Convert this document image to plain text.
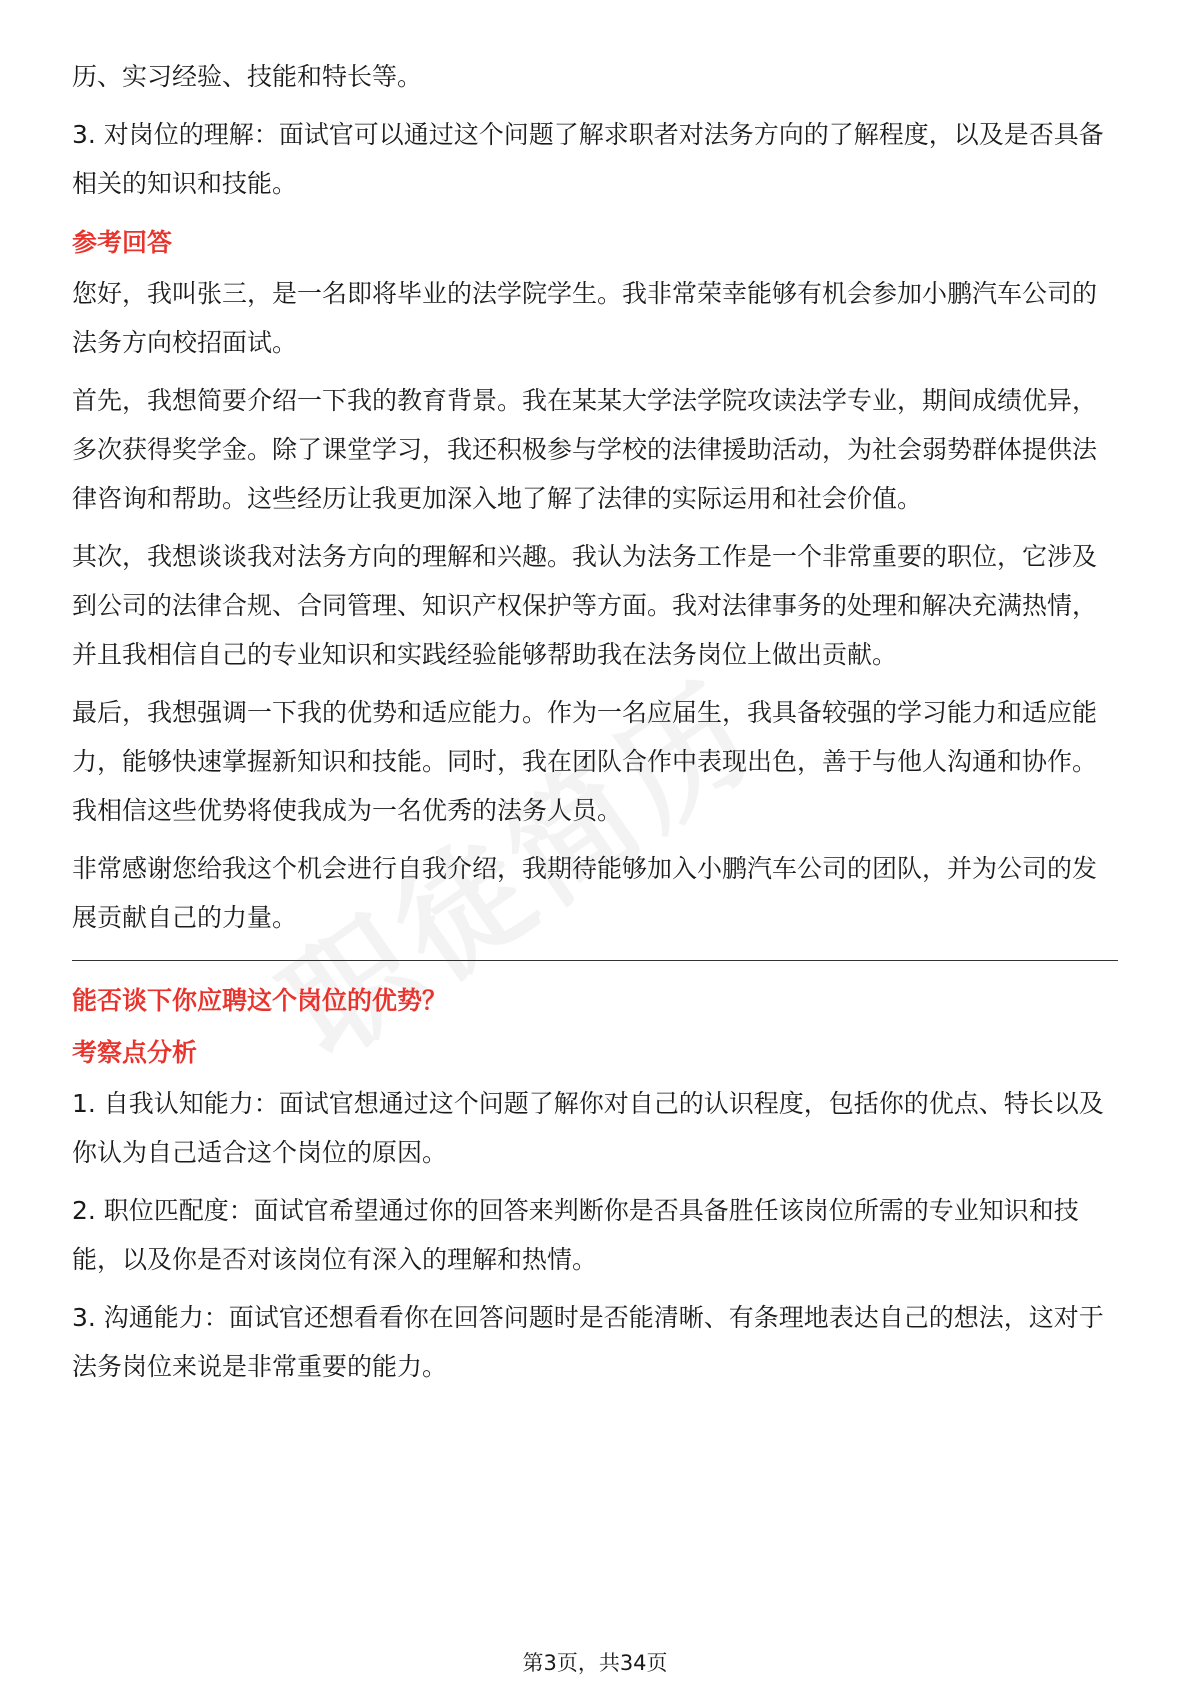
历、实习经验、技能和特长等。

3. 对岗位的理解：面试官可以通过这个问题了解求职者对法务方向的了解程度，以及是否具备相关的知识和技能。

参考回答

您好，我叫张三，是一名即将毕业的法学院学生。我非常荣幸能够有机会参加小鹏汽车公司的法务方向校招面试。

首先，我想简要介绍一下我的教育背景。我在某某大学法学院攻读法学专业，期间成绩优异，多次获得奖学金。除了课堂学习，我还积极参与学校的法律援助活动，为社会弱势群体提供法律咨询和帮助。这些经历让我更加深入地了解了法律的实际运用和社会价值。

其次，我想谈谈我对法务方向的理解和兴趣。我认为法务工作是一个非常重要的职位，它涉及到公司的法律合规、合同管理、知识产权保护等方面。我对法律事务的处理和解决充满热情，并且我相信自己的专业知识和实践经验能够帮助我在法务岗位上做出贡献。

最后，我想强调一下我的优势和适应能力。作为一名应届生，我具备较强的学习能力和适应能力，能够快速掌握新知识和技能。同时，我在团队合作中表现出色，善于与他人沟通和协作。我相信这些优势将使我成为一名优秀的法务人员。

非常感谢您给我这个机会进行自我介绍，我期待能够加入小鹏汽车公司的团队，并为公司的发展贡献自己的力量。

能否谈下你应聘这个岗位的优势？
考察点分析

1. 自我认知能力：面试官想通过这个问题了解你对自己的认识程度，包括你的优点、特长以及你认为自己适合这个岗位的原因。

2. 职位匹配度：面试官希望通过你的回答来判断你是否具备胜任该岗位所需的专业知识和技能，以及你是否对该岗位有深入的理解和热情。

3. 沟通能力：面试官还想看看你在回答问题时是否能清晰、有条理地表达自己的想法，这对于法务岗位来说是非常重要的能力。

第3页，共34页
